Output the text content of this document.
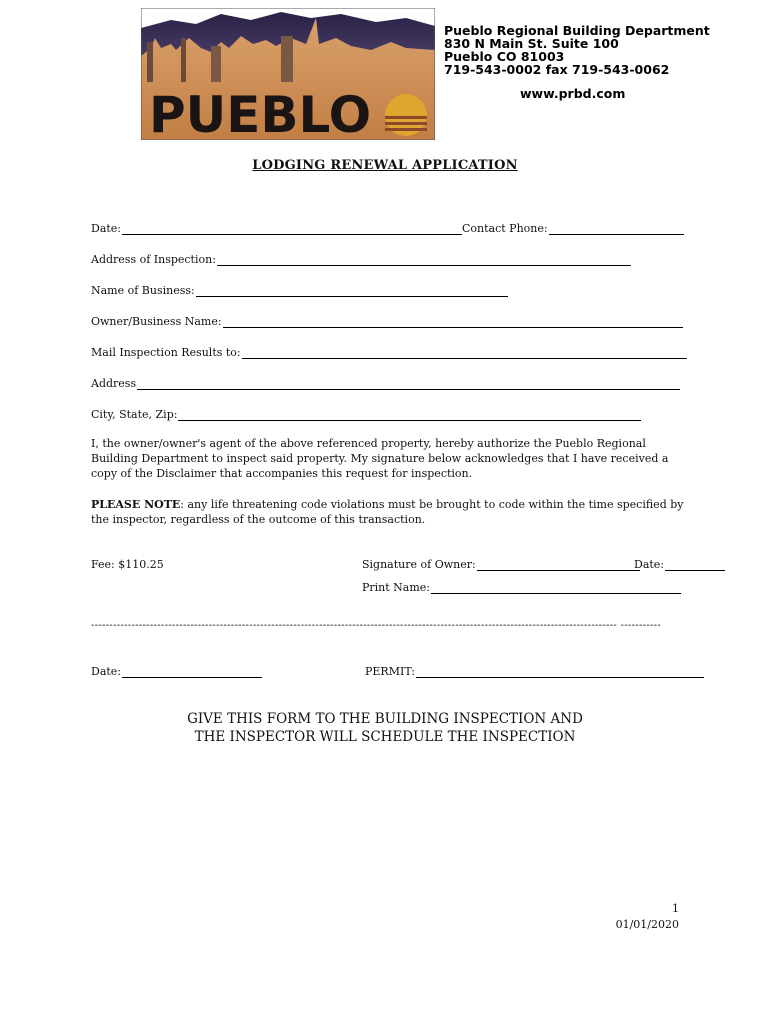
PUEBLO
Pueblo Regional Building Department
830 N Main St. Suite 100
Pueblo CO 81003
719-543-0002 fax 719-543-0062
www.prbd.com
LODGING RENEWAL APPLICATION
Date:	Contact Phone:
Address of Inspection:
Name of Business:
Owner/Business Name:
Mail Inspection Results to:
Address
City, State, Zip:
I, the owner/owner's agent of the above referenced property, hereby authorize the Pueblo Regional Building Department to inspect said property. My signature below acknowledges that I have received a copy of the Disclaimer that accompanies this request for inspection.
PLEASE NOTE: any life threatening code violations must be brought to code within the time specified by the inspector, regardless of the outcome of this transaction.
Fee: $110.25	Signature of Owner:	Date:
Print Name:
----------------------------------------------------------------------------------------------------------------------------------------------- -----------
Date:	PERMIT:
GIVE THIS FORM TO THE BUILDING INSPECTION AND
THE INSPECTOR WILL SCHEDULE THE INSPECTION
1
01/01/2020
